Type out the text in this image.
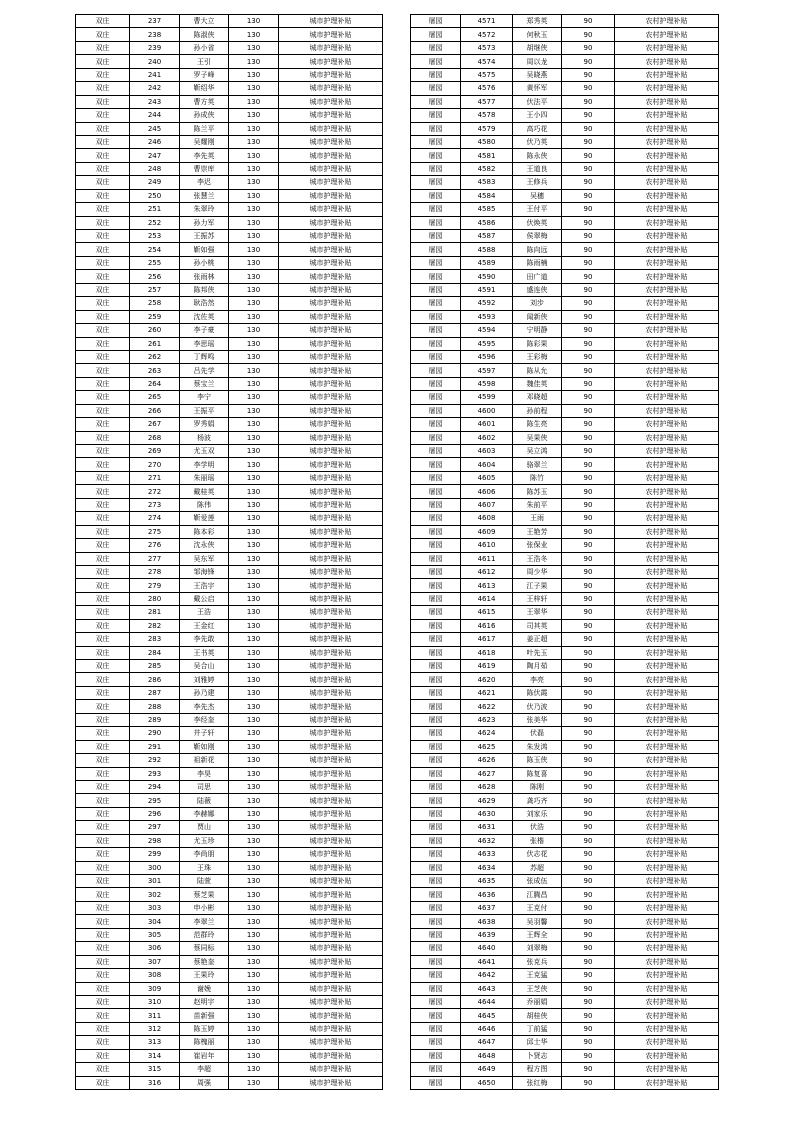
双庄	237	曹大立	130	城市护理补贴
双庄	238	陈淑侠	130	城市护理补贴
双庄	239	孙小省	130	城市护理补贴
双庄	240	王引	130	城市护理补贴
双庄	241	罗子峰	130	城市护理补贴
双庄	242	靳绍华	130	城市护理补贴
双庄	243	曹方英	130	城市护理补贴
双庄	244	孙成侠	130	城市护理补贴
双庄	245	陈兰平	130	城市护理补贴
双庄	246	吴耀刚	130	城市护理补贴
双庄	247	李先英	130	城市护理补贴
双庄	248	曹崇库	130	城市护理补贴
双庄	249	李迟	130	城市护理补贴
双庄	250	张慧兰	130	城市护理补贴
双庄	251	朱翠玲	130	城市护理补贴
双庄	252	孙力军	130	城市护理补贴
双庄	253	王振苏	130	城市护理补贴
双庄	254	靳如强	130	城市护理补贴
双庄	255	孙小桃	130	城市护理补贴
双庄	256	张雨林	130	城市护理补贴
双庄	257	陈邦侠	130	城市护理补贴
双庄	258	耿浩然	130	城市护理补贴
双庄	259	沈佐英	130	城市护理补贴
双庄	260	李子豪	130	城市护理补贴
双庄	261	李思瑶	130	城市护理补贴
双庄	262	丁辉鸣	130	城市护理补贴
双庄	263	吕先学	130	城市护理补贴
双庄	264	蔡宝兰	130	城市护理补贴
双庄	265	李宁	130	城市护理补贴
双庄	266	王振平	130	城市护理补贴
双庄	267	罗秀娟	130	城市护理补贴
双庄	268	杨波	130	城市护理补贴
双庄	269	尤玉双	130	城市护理补贴
双庄	270	李学明	130	城市护理补贴
双庄	271	朱丽瑶	130	城市护理补贴
双庄	272	戴桂英	130	城市护理补贴
双庄	273	陈伟	130	城市护理补贴
双庄	274	靳爱莲	130	城市护理补贴
双庄	275	陈本彩	130	城市护理补贴
双庄	276	沈永侠	130	城市护理补贴
双庄	277	吴东军	130	城市护理补贴
双庄	278	邹海锋	130	城市护理补贴
双庄	279	王浩宇	130	城市护理补贴
双庄	280	戴公启	130	城市护理补贴
双庄	281	王浩	130	城市护理补贴
双庄	282	王金红	130	城市护理补贴
双庄	283	李先敢	130	城市护理补贴
双庄	284	王书英	130	城市护理补贴
双庄	285	吴合山	130	城市护理补贴
双庄	286	刘雅婷	130	城市护理补贴
双庄	287	孙乃建	130	城市护理补贴
双庄	288	李先杰	130	城市护理补贴
双庄	289	李经奎	130	城市护理补贴
双庄	290	井子轩	130	城市护理补贴
双庄	291	靳如刚	130	城市护理补贴
双庄	292	祖新花	130	城市护理补贴
双庄	293	李昊	130	城市护理补贴
双庄	294	司思	130	城市护理补贴
双庄	295	陆薇	130	城市护理补贴
双庄	296	李赫娜	130	城市护理补贴
双庄	297	贾山	130	城市护理补贴
双庄	298	尤玉珍	130	城市护理补贴
双庄	299	李尚朋	130	城市护理补贴
双庄	300	王珠	130	城市护理补贴
双庄	301	陆萱	130	城市护理补贴
双庄	302	蔡芝果	130	城市护理补贴
双庄	303	申小彬	130	城市护理补贴
双庄	304	李翠兰	130	城市护理补贴
双庄	305	范群玲	130	城市护理补贴
双庄	306	蔡同标	130	城市护理补贴
双庄	307	蔡艳奎	130	城市护理补贴
双庄	308	王果玲	130	城市护理补贴
双庄	309	谢娩	130	城市护理补贴
双庄	310	赵明宇	130	城市护理补贴
双庄	311	苗新强	130	城市护理补贴
双庄	312	陈玉婷	130	城市护理补贴
双庄	313	陈槐丽	130	城市护理补贴
双庄	314	崔岩年	130	城市护理补贴
双庄	315	李超	130	城市护理补贴
双庄	316	周强	130	城市护理补贴
屠园	4571	郑秀英	90	农村护理补贴
屠园	4572	何秋玉	90	农村护理补贴
屠园	4573	胡继侠	90	农村护理补贴
屠园	4574	周以龙	90	农村护理补贴
屠园	4575	吴晓燕	90	农村护理补贴
屠园	4576	黄怀军	90	农村护理补贴
屠园	4577	伏法平	90	农村护理补贴
屠园	4578	王小四	90	农村护理补贴
屠园	4579	高巧花	90	农村护理补贴
屠园	4580	伏乃英	90	农村护理补贴
屠园	4581	陈永侠	90	农村护理补贴
屠园	4582	王道良	90	农村护理补贴
屠园	4583	王修兵	90	农村护理补贴
屠园	4584	吴穗	90	农村护理补贴
屠园	4585	王付平	90	农村护理补贴
屠园	4586	伏焕英	90	农村护理补贴
屠园	4587	侯翠梅	90	农村护理补贴
屠园	4588	陈向远	90	农村护理补贴
屠园	4589	陈雨楠	90	农村护理补贴
屠园	4590	田广道	90	农村护理补贴
屠园	4591	盛连侠	90	农村护理补贴
屠园	4592	刘步	90	农村护理补贴
屠园	4593	闻新侠	90	农村护理补贴
屠园	4594	宁明静	90	农村护理补贴
屠园	4595	陈彩果	90	农村护理补贴
屠园	4596	王彩梅	90	农村护理补贴
屠园	4597	陈从允	90	农村护理补贴
屠园	4598	魏佳英	90	农村护理补贴
屠园	4599	邓晓超	90	农村护理补贴
屠园	4600	孙前程	90	农村护理补贴
屠园	4601	陈生亮	90	农村护理补贴
屠园	4602	吴果侠	90	农村护理补贴
屠园	4603	吴立鸿	90	农村护理补贴
屠园	4604	骆翠兰	90	农村护理补贴
屠园	4605	陈竹	90	农村护理补贴
屠园	4606	陈苏玉	90	农村护理补贴
屠园	4607	朱前平	90	农村护理补贴
屠园	4608	王雨	90	农村护理补贴
屠园	4609	王艳芳	90	农村护理补贴
屠园	4610	张保业	90	农村护理补贴
屠园	4611	王浩冬	90	农村护理补贴
屠园	4612	周少华	90	农村护理补贴
屠园	4613	江子果	90	农村护理补贴
屠园	4614	王梓轩	90	农村护理补贴
屠园	4615	王翠华	90	农村护理补贴
屠园	4616	司其英	90	农村护理补贴
屠园	4617	姜正超	90	农村护理补贴
屠园	4618	叶先玉	90	农村护理补贴
屠园	4619	陶月茹	90	农村护理补贴
屠园	4620	李亮	90	农村护理补贴
屠园	4621	陈伏霞	90	农村护理补贴
屠园	4622	伏乃波	90	农村护理补贴
屠园	4623	张美华	90	农村护理补贴
屠园	4624	伏磊	90	农村护理补贴
屠园	4625	朱发鸿	90	农村护理补贴
屠园	4626	陈玉侠	90	农村护理补贴
屠园	4627	陈复喜	90	农村护理补贴
屠园	4628	陈刚	90	农村护理补贴
屠园	4629	龚巧齐	90	农村护理补贴
屠园	4630	刘家乐	90	农村护理补贴
屠园	4631	伏浩	90	农村护理补贴
屠园	4632	张楷	90	农村护理补贴
屠园	4633	伏志花	90	农村护理补贴
屠园	4634	苏超	90	农村护理补贴
屠园	4635	张成伍	90	农村护理补贴
屠园	4636	江腾昌	90	农村护理补贴
屠园	4637	王克付	90	农村护理补贴
屠园	4638	吴羽馨	90	农村护理补贴
屠园	4639	王辉全	90	农村护理补贴
屠园	4640	刘翠梅	90	农村护理补贴
屠园	4641	张克兵	90	农村护理补贴
屠园	4642	王克猛	90	农村护理补贴
屠园	4643	王芝侠	90	农村护理补贴
屠园	4644	乔丽娟	90	农村护理补贴
屠园	4645	胡桂侠	90	农村护理补贴
屠园	4646	丁前猛	90	农村护理补贴
屠园	4647	邱士华	90	农村护理补贴
屠园	4648	卜贤志	90	农村护理补贴
屠园	4649	程方图	90	农村护理补贴
屠园	4650	张红梅	90	农村护理补贴
